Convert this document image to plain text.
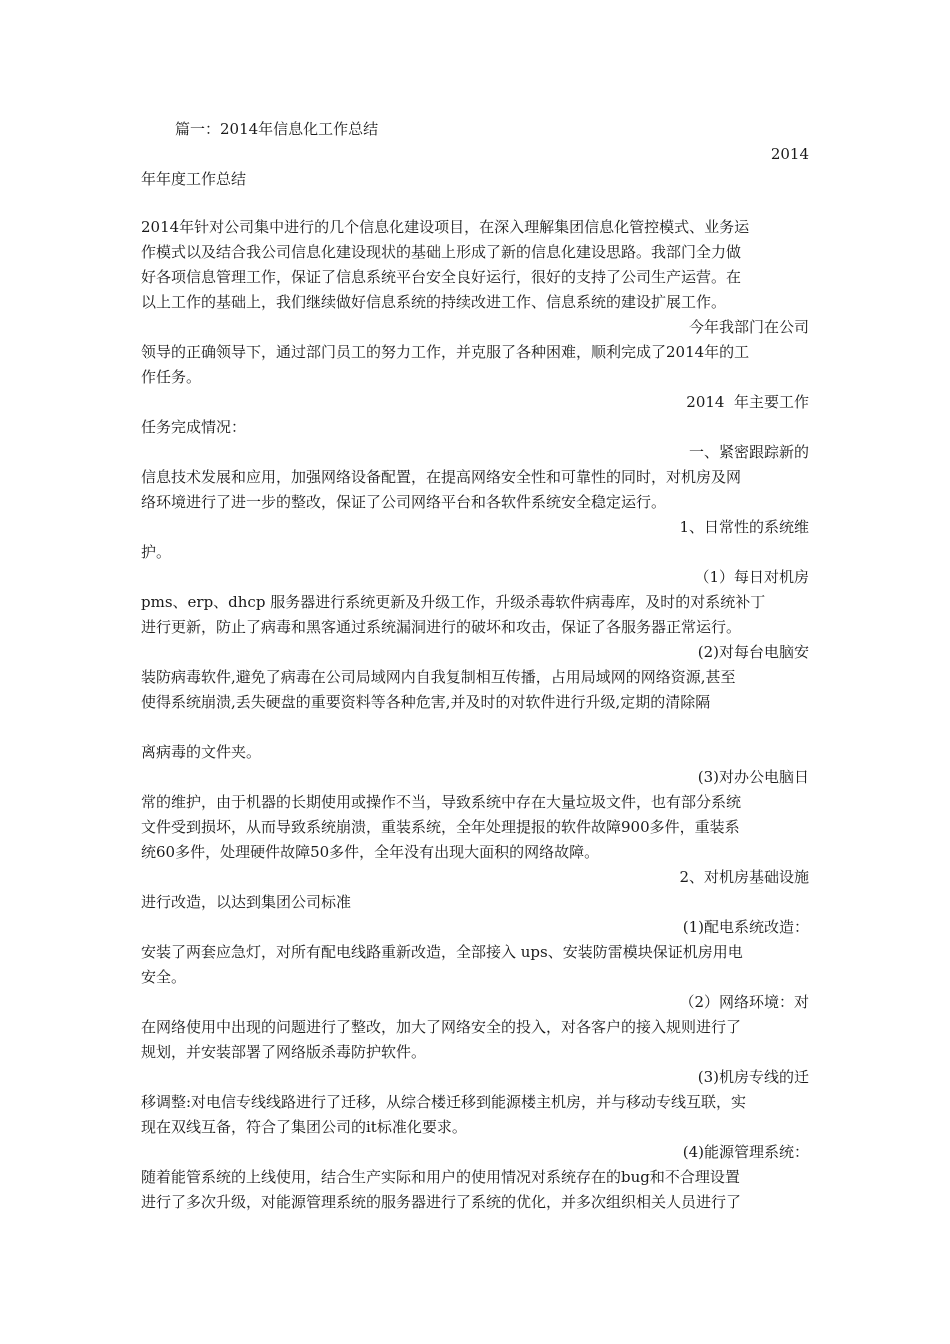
篇一：2014年信息化工作总结
2014
年年度工作总结
2014年针对公司集中进行的几个信息化建设项目，在深入理解集团信息化管控模式、业务运
作模式以及结合我公司信息化建设现状的基础上形成了新的信息化建设思路。我部门全力做
好各项信息管理工作，保证了信息系统平台安全良好运行，很好的支持了公司生产运营。在
以上工作的基础上，我们继续做好信息系统的持续改进工作、信息系统的建设扩展工作。
今年我部门在公司
领导的正确领导下，通过部门员工的努力工作，并克服了各种困难，顺利完成了2014年的工
作任务。
2014  年主要工作
任务完成情况：
一、紧密跟踪新的
信息技术发展和应用，加强网络设备配置，在提高网络安全性和可靠性的同时，对机房及网
络环境进行了进一步的整改，保证了公司网络平台和各软件系统安全稳定运行。
1、日常性的系统维
护。
（1）每日对机房
pms、erp、dhcp 服务器进行系统更新及升级工作，升级杀毒软件病毒库，及时的对系统补丁
进行更新，防止了病毒和黑客通过系统漏洞进行的破坏和攻击，保证了各服务器正常运行。
(2)对每台电脑安
装防病毒软件,避免了病毒在公司局域网内自我复制相互传播，占用局域网的网络资源,甚至
使得系统崩溃,丢失硬盘的重要资料等各种危害,并及时的对软件进行升级,定期的清除隔
离病毒的文件夹。
(3)对办公电脑日
常的维护，由于机器的长期使用或操作不当，导致系统中存在大量垃圾文件，也有部分系统
文件受到损坏，从而导致系统崩溃，重装系统，全年处理提报的软件故障900多件，重装系
统60多件，处理硬件故障50多件，全年没有出现大面积的网络故障。
2、对机房基础设施
进行改造，以达到集团公司标准
(1)配电系统改造：
安装了两套应急灯，对所有配电线路重新改造，全部接入 ups、安装防雷模块保证机房用电
安全。
（2）网络环境：对
在网络使用中出现的问题进行了整改，加大了网络安全的投入，对各客户的接入规则进行了
规划，并安装部署了网络版杀毒防护软件。
(3)机房专线的迁
移调整:对电信专线线路进行了迁移，从综合楼迁移到能源楼主机房，并与移动专线互联，实
现在双线互备，符合了集团公司的it标准化要求。
(4)能源管理系统：
随着能管系统的上线使用，结合生产实际和用户的使用情况对系统存在的bug和不合理设置
进行了多次升级，对能源管理系统的服务器进行了系统的优化，并多次组织相关人员进行了
